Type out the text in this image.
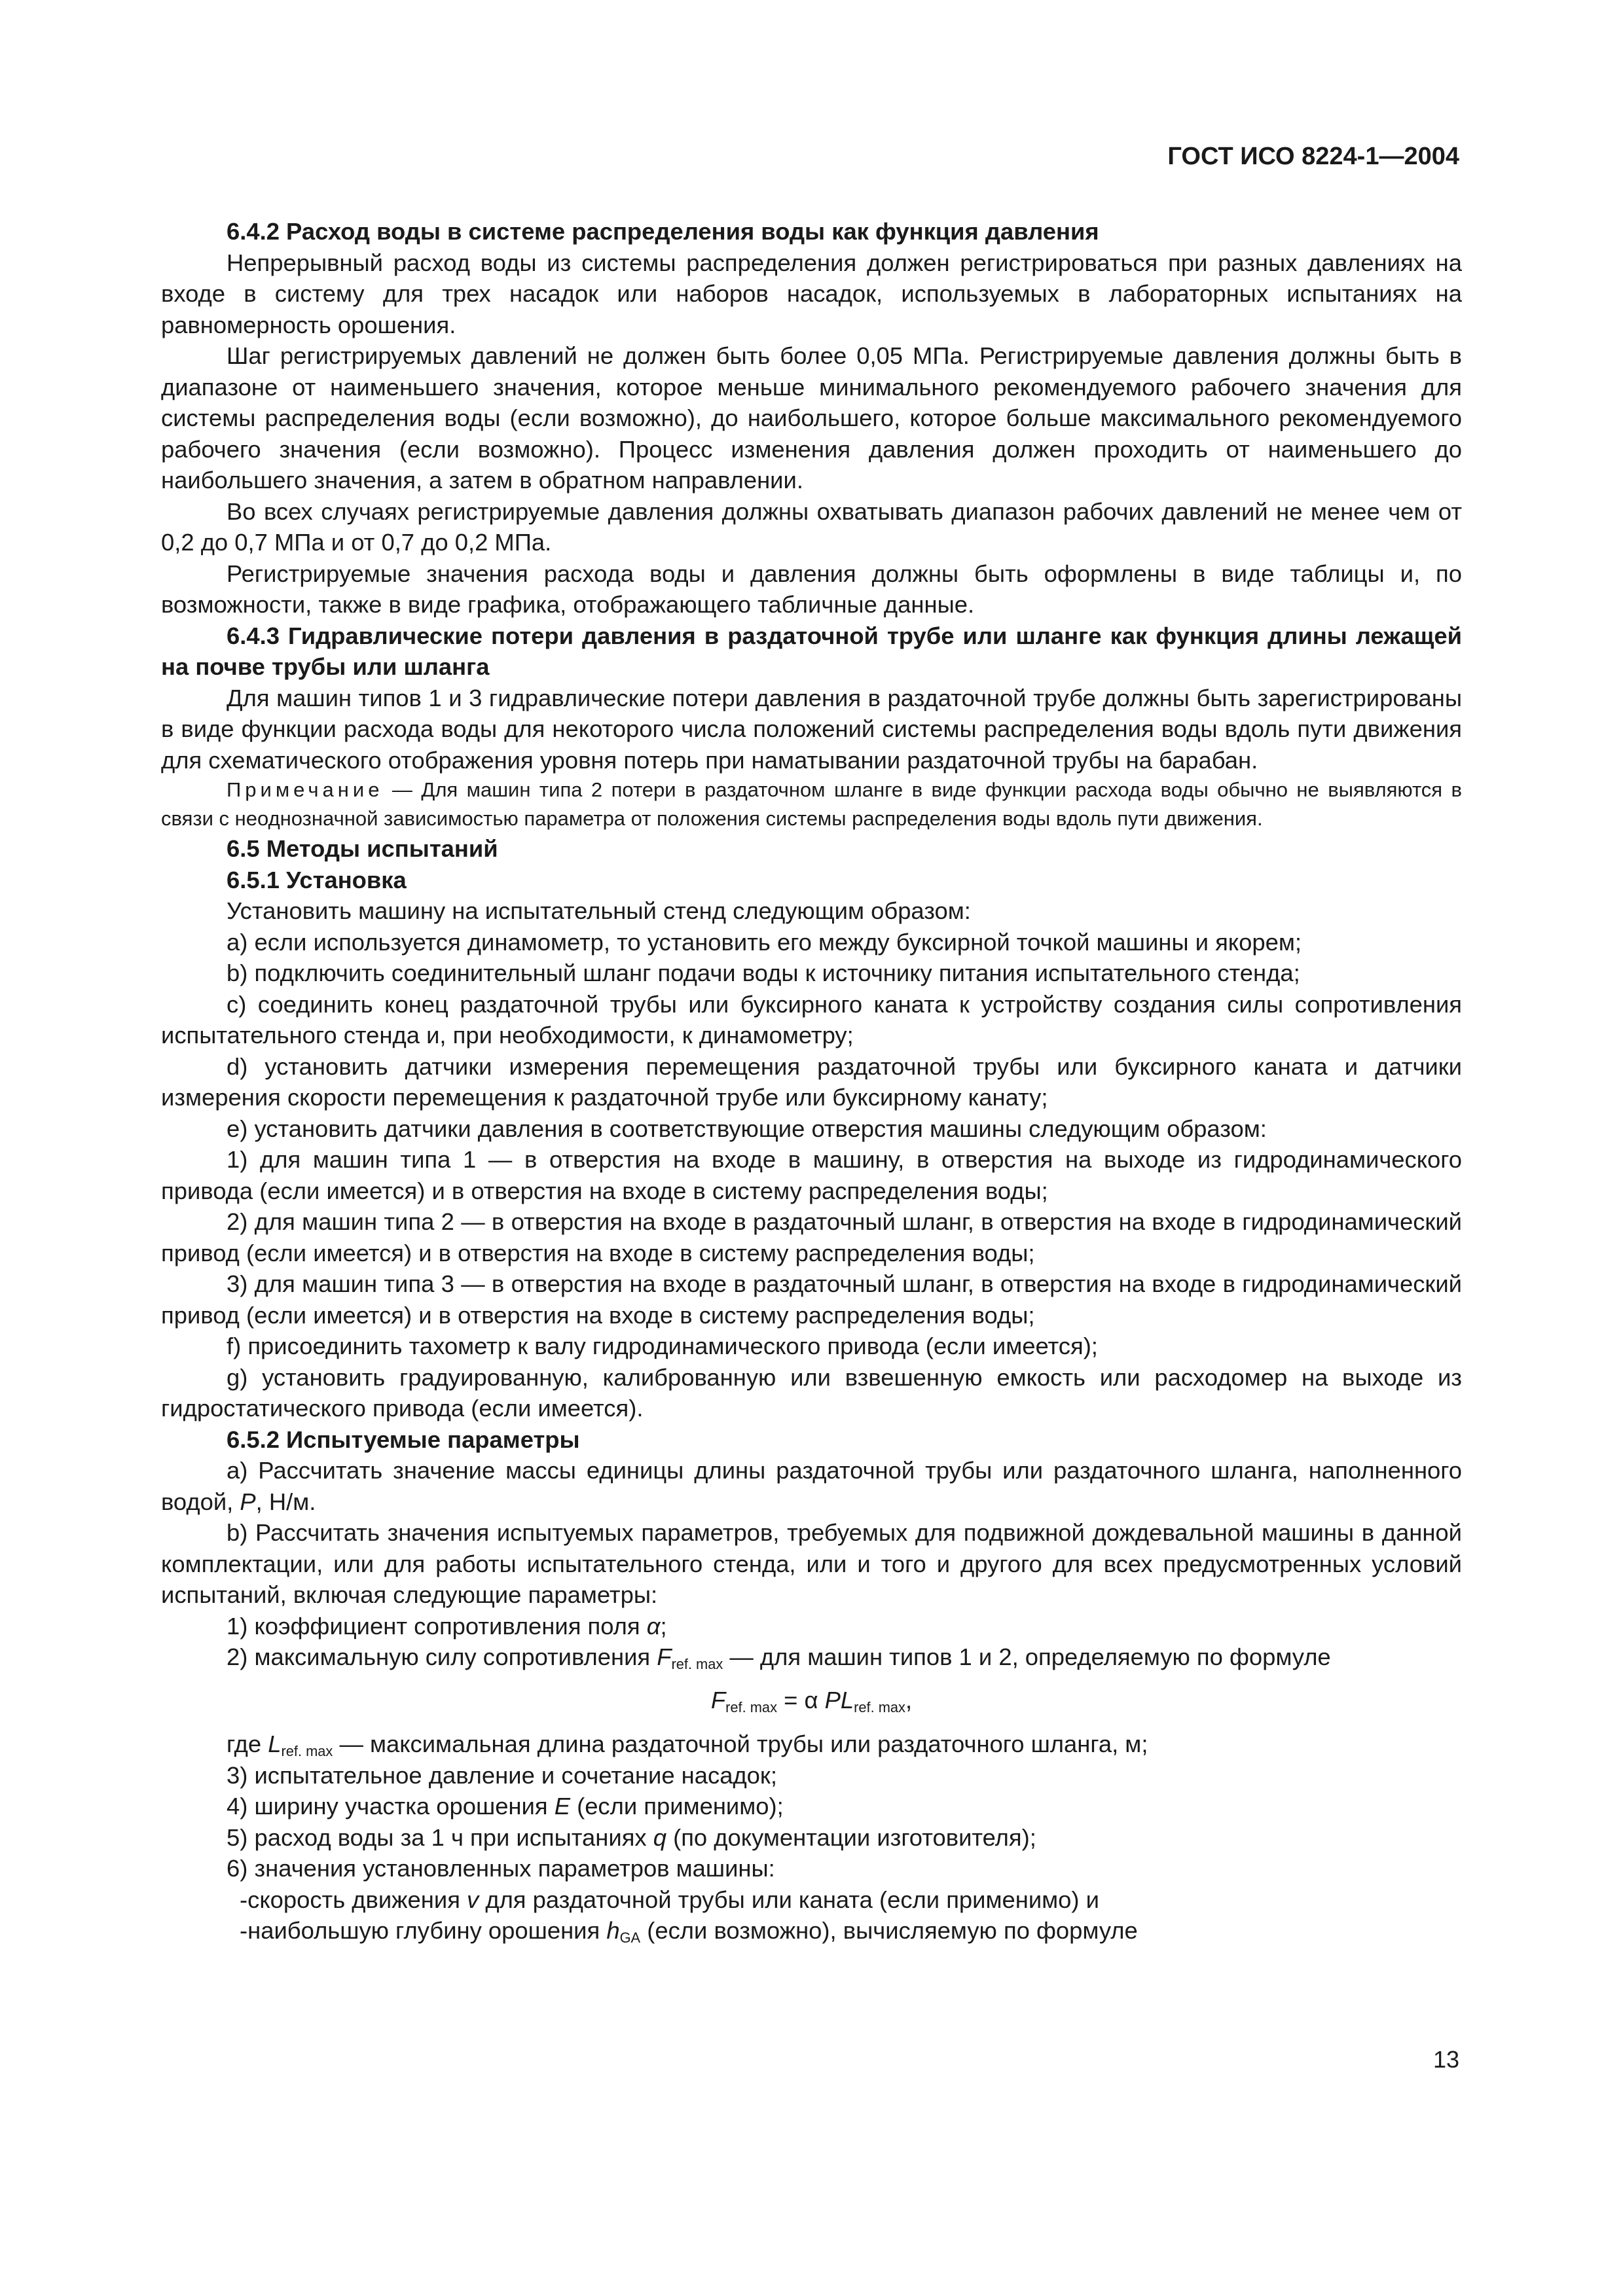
ГОСТ ИСО 8224-1—2004

6.4.2 Расход воды в системе распределения воды как функция давления

Непрерывный расход воды из системы распределения должен регистрироваться при разных давлениях на входе в систему для трех насадок или наборов насадок, используемых в лабораторных испытаниях на равномерность орошения.

Шаг регистрируемых давлений не должен быть более 0,05 МПа. Регистрируемые давления должны быть в диапазоне от наименьшего значения, которое меньше минимального рекомендуемого рабочего значения для системы распределения воды (если возможно), до наибольшего, которое больше максимального рекомендуемого рабочего значения (если возможно). Процесс изменения давления должен проходить от наименьшего до наибольшего значения, а затем в обратном направлении.

Во всех случаях регистрируемые давления должны охватывать диапазон рабочих давлений не менее чем от 0,2 до 0,7 МПа и от 0,7 до 0,2 МПа.

Регистрируемые значения расхода воды и давления должны быть оформлены в виде таблицы и, по возможности, также в виде графика, отображающего табличные данные.

6.4.3 Гидравлические потери давления в раздаточной трубе или шланге как функция длины лежащей на почве трубы или шланга

Для машин типов 1 и 3 гидравлические потери давления в раздаточной трубе должны быть зарегистрированы в виде функции расхода воды для некоторого числа положений системы распределения воды вдоль пути движения для схематического отображения уровня потерь при наматывании раздаточной трубы на барабан.

Примечание — Для машин типа 2 потери в раздаточном шланге в виде функции расхода воды обычно не выявляются в связи с неоднозначной зависимостью параметра от положения системы распределения воды вдоль пути движения.

6.5 Методы испытаний

6.5.1 Установка

Установить машину на испытательный стенд следующим образом:

а) если используется динамометр, то установить его между буксирной точкой машины и якорем;

b) подключить соединительный шланг подачи воды к источнику питания испытательного стенда;

с) соединить конец раздаточной трубы или буксирного каната к устройству создания силы сопротивления испытательного стенда и, при необходимости, к динамометру;

d) установить датчики измерения перемещения раздаточной трубы или буксирного каната и датчики измерения скорости перемещения к раздаточной трубе или буксирному канату;

е) установить датчики давления в соответствующие отверстия машины следующим образом:

1) для машин типа 1 — в отверстия на входе в машину, в отверстия на выходе из гидродинамического привода (если имеется) и в отверстия на входе в систему распределения воды;

2) для машин типа 2 — в отверстия на входе в раздаточный шланг, в отверстия на входе в гидродинамический привод (если имеется) и в отверстия на входе в систему распределения воды;

3) для машин типа 3 — в отверстия на входе в раздаточный шланг, в отверстия на входе в гидродинамический привод (если имеется) и в отверстия на входе в систему распределения воды;

f) присоединить тахометр к валу гидродинамического привода (если имеется);

g) установить градуированную, калиброванную или взвешенную емкость или расходомер на выходе из гидростатического привода (если имеется).

6.5.2 Испытуемые параметры

а) Рассчитать значение массы единицы длины раздаточной трубы или раздаточного шланга, наполненного водой, P, Н/м.

b) Рассчитать значения испытуемых параметров, требуемых для подвижной дождевальной машины в данной комплектации, или для работы испытательного стенда, или и того и другого для всех предусмотренных условий испытаний, включая следующие параметры:

1) коэффициент сопротивления поля α;

2) максимальную силу сопротивления $F_{ref. max}$ — для машин типов 1 и 2, определяемую по формуле

$F_{ref. max} = \alpha$ $PL_{ref. max}$,

где $L_{ref. max}$ — максимальная длина раздаточной трубы или раздаточного шланга, м;

3) испытательное давление и сочетание насадок;

4) ширину участка орошения E (если применимо);

5) расход воды за 1 ч при испытаниях q (по документации изготовителя);

6) значения установленных параметров машины:

-скорость движения v для раздаточной трубы или каната (если применимо) и

-наибольшую глубину орошения $h_{GA}$ (если возможно), вычисляемую по формуле

13
